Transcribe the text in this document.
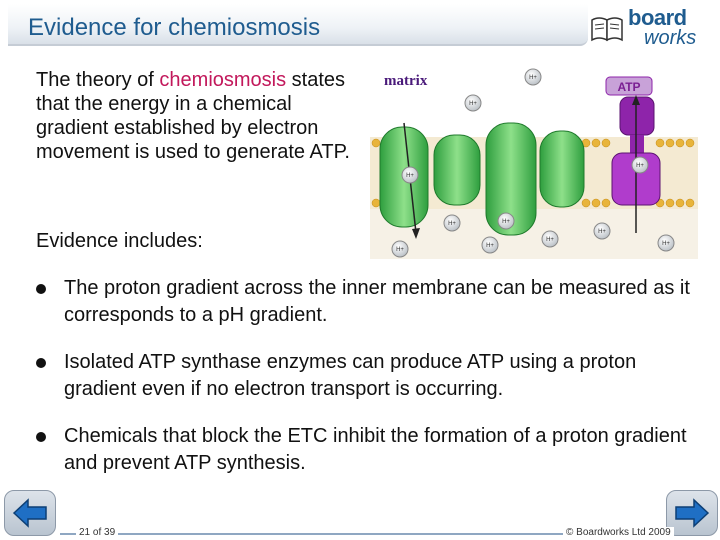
Evidence for chemiosmosis	board
works
The theory of chemiosmosis states that the energy in a chemical gradient established by electron movement is used to generate ATP.
ATP
matrix	H+
H+
H+
H+
H+	H+
H+
H+
H+
H+	H+
Evidence includes:
The proton gradient across the inner membrane can be measured as it corresponds to a pH gradient.
Isolated ATP synthase enzymes can produce ATP using a proton gradient even if no electron transport is occurring.
Chemicals that block the ETC inhibit the formation of a proton gradient and prevent ATP synthesis.
21 of 39	© Boardworks Ltd 2009
